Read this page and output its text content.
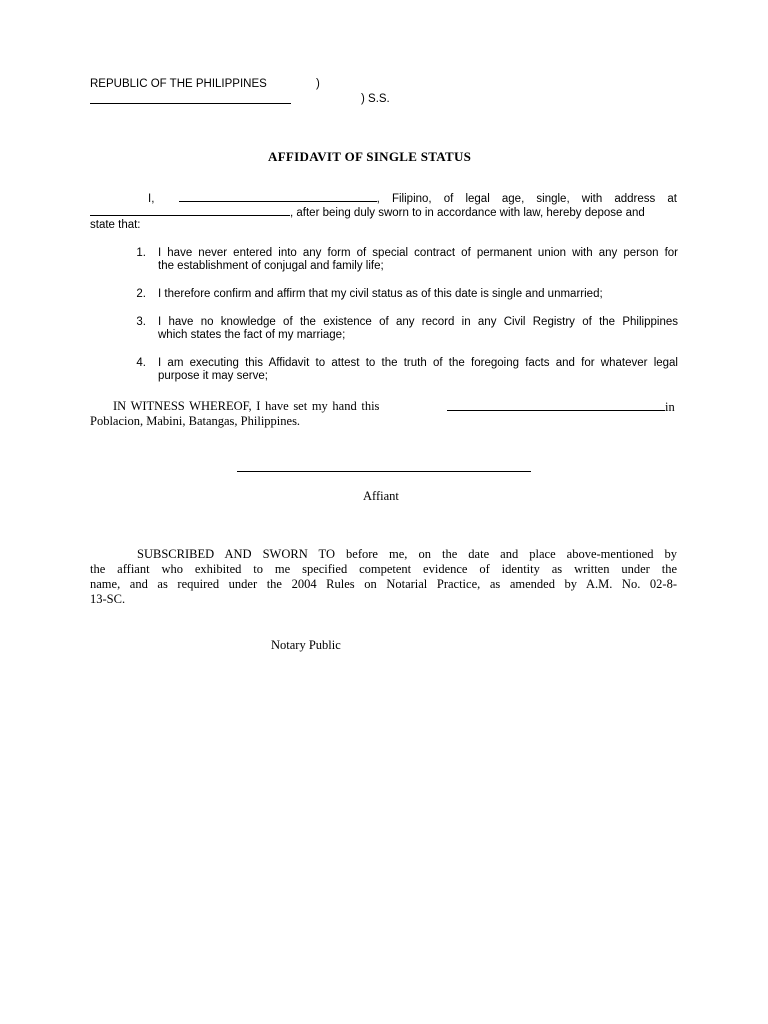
REPUBLIC OF THE PHILIPPINES	)
) S.S.
AFFIDAVIT OF SINGLE STATUS
I,	, Filipino, of legal age, single, with address at
, after being duly sworn to in accordance with law, hereby depose and
state that:
1. I have never entered into any form of special contract of permanent union with any person for
the establishment of conjugal and family life;
2. I therefore confirm and affirm that my civil status as of this date is single and unmarried;
3. I have no knowledge of the existence of any record in any Civil Registry of the Philippines
which states the fact of my marriage;
4. I am executing this Affidavit to attest to the truth of the foregoing facts and for whatever legal
purpose it may serve;
IN WITNESS WHEREOF, I have set my hand this	in
Poblacion, Mabini, Batangas, Philippines.
Affiant
SUBSCRIBED AND SWORN TO before me, on the date and place above-mentioned by
the affiant who exhibited to me specified competent evidence of identity as written under the
name, and as required under the 2004 Rules on Notarial Practice, as amended by A.M. No. 02-8-
13-SC.
Notary Public
